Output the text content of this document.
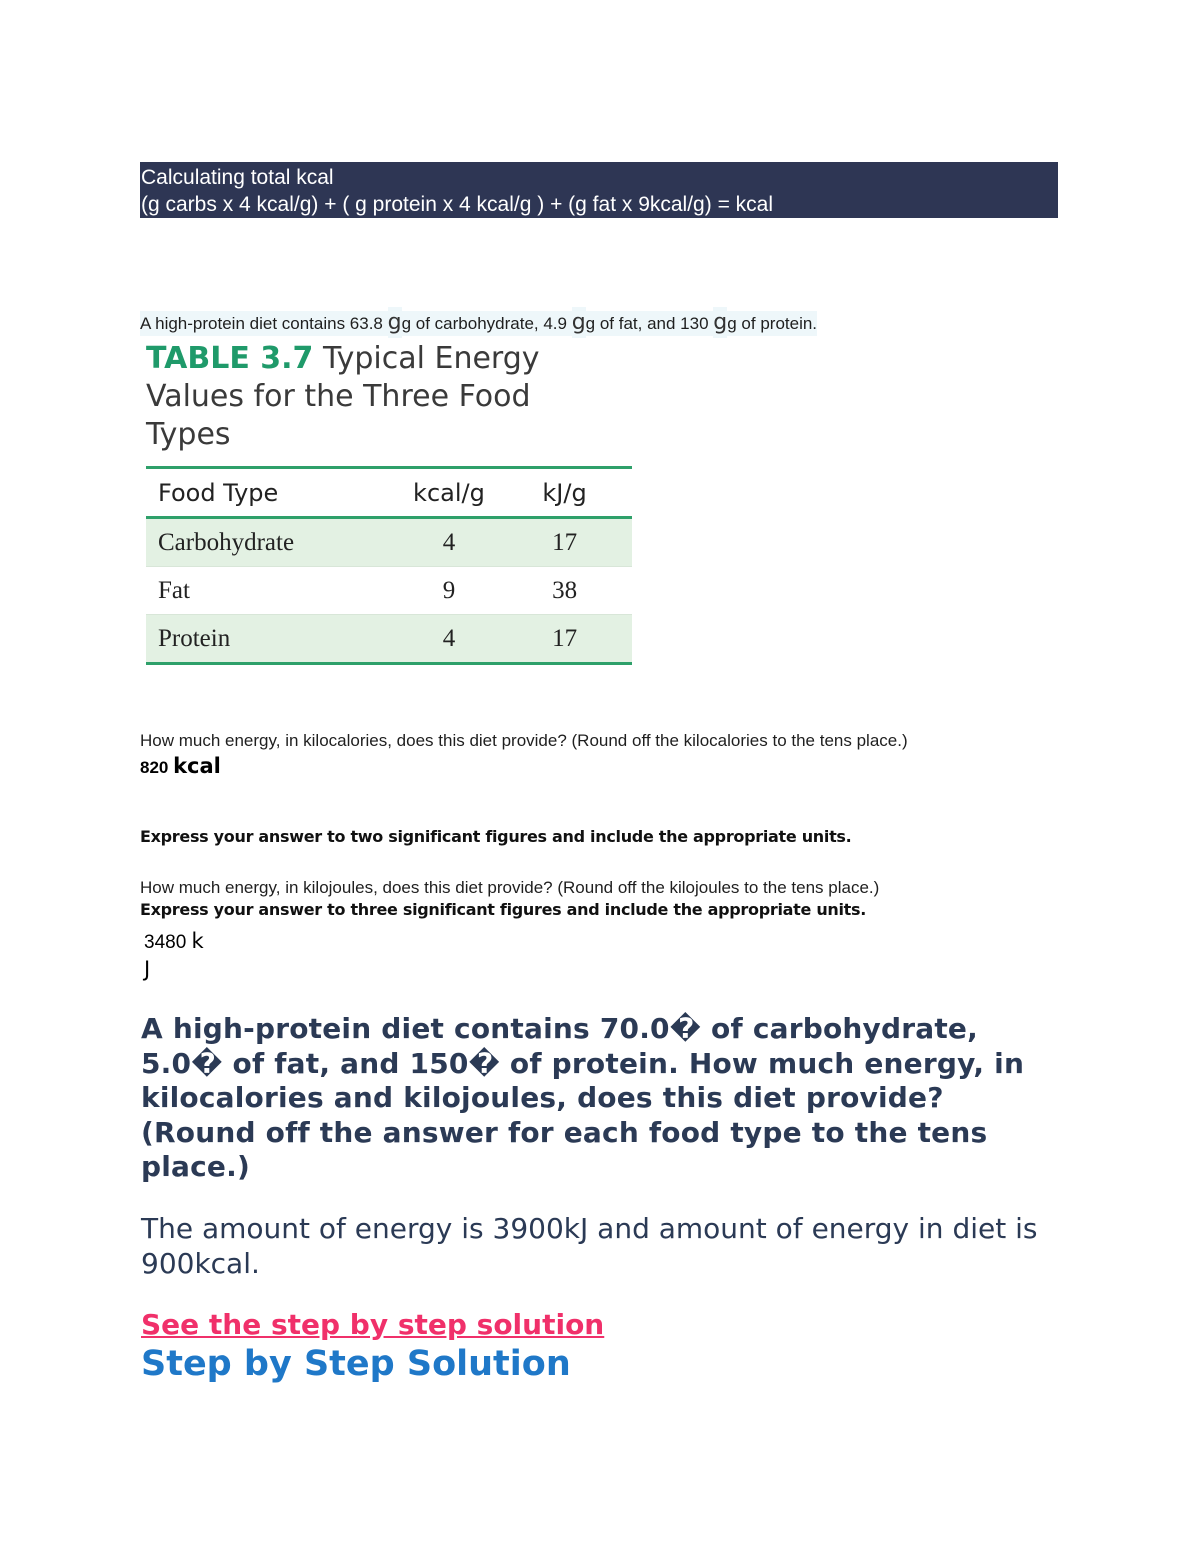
Calculating total kcal
(g carbs x 4 kcal/g) + ( g protein x 4 kcal/g ) + (g fat x 9kcal/g) = kcal
A high-protein diet contains 63.8 gg of carbohydrate, 4.9 gg of fat, and 130 gg of protein.
TABLE 3.7 Typical Energy Values for the Three Food Types
Food Type	kcal/g	kJ/g
Carbohydrate	4	17
Fat	9	38
Protein	4	17
How much energy, in kilocalories, does this diet provide? (Round off the kilocalories to the tens place.)
820 kcal
Express your answer to two significant figures and include the appropriate units.
How much energy, in kilojoules, does this diet provide? (Round off the kilojoules to the tens place.)
Express your answer to three significant figures and include the appropriate units.
3480 k
J
A high-protein diet contains 70.0� of carbohydrate, 5.0� of fat, and 150� of protein. How much energy, in kilocalories and kilojoules, does this diet provide? (Round off the answer for each food type to the tens place.)
The amount of energy is 3900kJ and amount of energy in diet is 900kcal.
See the step by step solution
Step by Step Solution
